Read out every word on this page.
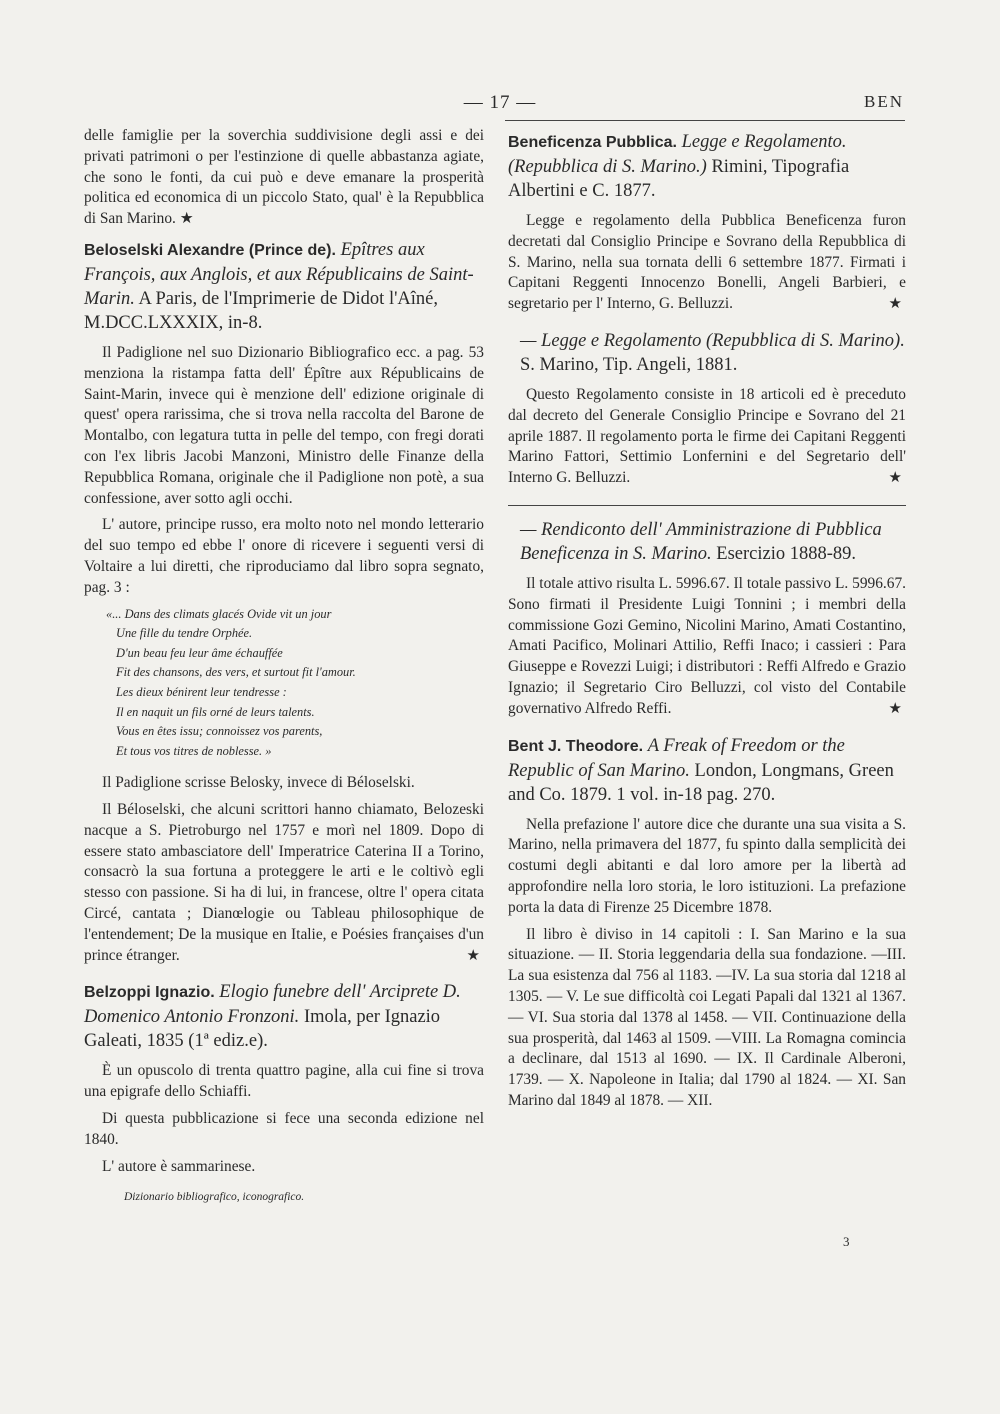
— 17 —	BEN

delle famiglie per la soverchia suddivisione degli assi e dei privati patrimoni o per l'estinzione di quelle abbastanza agiate, che sono le fonti, da cui può e deve emanare la prosperità politica ed economica di un piccolo Stato, qual' è la Repubblica di San Marino. ★

Beloselski Alexandre (Prince de). Epîtres aux François, aux Anglois, et aux Républicains de Saint-Marin. A Paris, de l'Imprimerie de Didot l'Aîné, M.DCC.LXXXIX, in-8.

Il Padiglione nel suo Dizionario Bibliografico ecc. a pag. 53 menziona la ristampa fatta dell' Épître aux Républicains de Saint-Marin, invece qui è menzione dell' edizione originale di quest' opera rarissima, che si trova nella raccolta del Barone de Montalbo, con legatura tutta in pelle del tempo, con fregi dorati con l'ex libris Jacobi Manzoni, Ministro delle Finanze della Repubblica Romana, originale che il Padiglione non potè, a sua confessione, aver sotto agli occhi.

L' autore, principe russo, era molto noto nel mondo letterario del suo tempo ed ebbe l' onore di ricevere i seguenti versi di Voltaire a lui diretti, che riproduciamo dal libro sopra segnato, pag. 3 :

«... Dans des climats glacés Ovide vit un jour
Une fille du tendre Orphée.
D'un beau feu leur âme échauffée
Fit des chansons, des vers, et surtout fit l'amour.
Les dieux bénirent leur tendresse :
Il en naquit un fils orné de leurs talents.
Vous en êtes issu; connoissez vos parents,
Et tous vos titres de noblesse. »

Il Padiglione scrisse Belosky, invece di Béloselski.

Il Béloselski, che alcuni scrittori hanno chiamato, Belozeski nacque a S. Pietroburgo nel 1757 e morì nel 1809. Dopo di essere stato ambasciatore dell' Imperatrice Caterina II a Torino, consacrò la sua fortuna a proteggere le arti e le coltivò egli stesso con passione. Si ha di lui, in francese, oltre l' opera citata Circé, cantata ; Dianœlogie ou Tableau philosophique de l'entendement; De la musique en Italie, e Poésies françaises d'un prince étranger.	★

Belzoppi Ignazio. Elogio funebre dell' Arciprete D. Domenico Antonio Fronzoni. Imola, per Ignazio Galeati, 1835 (1ª ediz.e).

È un opuscolo di trenta quattro pagine, alla cui fine si trova una epigrafe dello Schiaffi.

Di questa pubblicazione si fece una seconda edizione nel 1840.

L' autore è sammarinese.

Dizionario bibliografico, iconografico.
Beneficenza Pubblica. Legge e Regolamento. (Repubblica di S. Marino.) Rimini, Tipografia Albertini e C. 1877.

Legge e regolamento della Pubblica Beneficenza furon decretati dal Consiglio Principe e Sovrano della Repubblica di S. Marino, nella sua tornata delli 6 settembre 1877. Firmati i Capitani Reggenti Innocenzo Bonelli, Angeli Barbieri, e segretario per l' Interno, G. Belluzzi.	★

— Legge e Regolamento (Repubblica di S. Marino). S. Marino, Tip. Angeli, 1881.

Questo Regolamento consiste in 18 articoli ed è preceduto dal decreto del Generale Consiglio Principe e Sovrano del 21 aprile 1887. Il regolamento porta le firme dei Capitani Reggenti Marino Fattori, Settimio Lonfernini e del Segretario dell' Interno G. Belluzzi.	★

— Rendiconto dell' Amministrazione di Pubblica Beneficenza in S. Marino. Esercizio 1888-89.

Il totale attivo risulta L. 5996.67. Il totale passivo L. 5996.67. Sono firmati il Presidente Luigi Tonnini ; i membri della commissione Gozi Gemino, Nicolini Marino, Amati Costantino, Amati Pacifico, Molinari Attilio, Reffi Inaco; i cassieri : Para Giuseppe e Rovezzi Luigi; i distributori : Reffi Alfredo e Grazio Ignazio; il Segretario Ciro Belluzzi, col visto del Contabile governativo Alfredo Reffi.	★

Bent J. Theodore. A Freak of Freedom or the Republic of San Marino. London, Longmans, Green and Co. 1879. 1 vol. in-18 pag. 270.

Nella prefazione l' autore dice che durante una sua visita a S. Marino, nella primavera del 1877, fu spinto dalla semplicità dei costumi degli abitanti e dal loro amore per la libertà ad approfondire nella loro storia, le loro istituzioni. La prefazione porta la data di Firenze 25 Dicembre 1878.

Il libro è diviso in 14 capitoli : I. San Marino e la sua situazione. — II. Storia leggendaria della sua fondazione. —III. La sua esistenza dal 756 al 1183. —IV. La sua storia dal 1218 al 1305. — V. Le sue difficoltà coi Legati Papali dal 1321 al 1367. — VI. Sua storia dal 1378 al 1458. — VII. Continuazione della sua prosperità, dal 1463 al 1509. —VIII. La Romagna comincia a declinare, dal 1513 al 1690. — IX. Il Cardinale Alberoni, 1739. — X. Napoleone in Italia; dal 1790 al 1824. — XI. San Marino dal 1849 al 1878. — XII.

3
